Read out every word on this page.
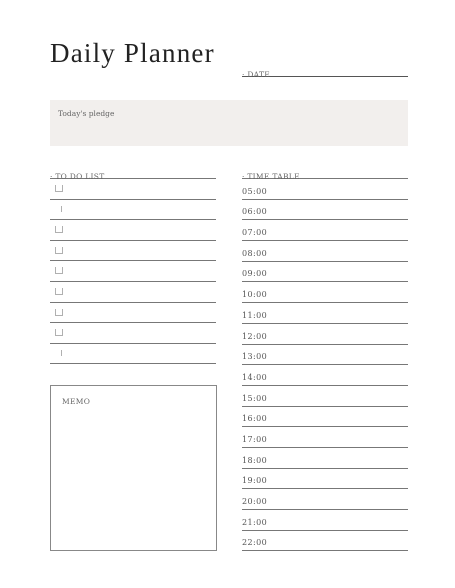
Daily Planner
· DATE
Today's pledge
· TO DO LIST
MEMO
· TIME TABLE
05:00
06:00
07:00
08:00
09:00
10:00
11:00
12:00
13:00
14:00
15:00
16:00
17:00
18:00
19:00
20:00
21:00
22:00
